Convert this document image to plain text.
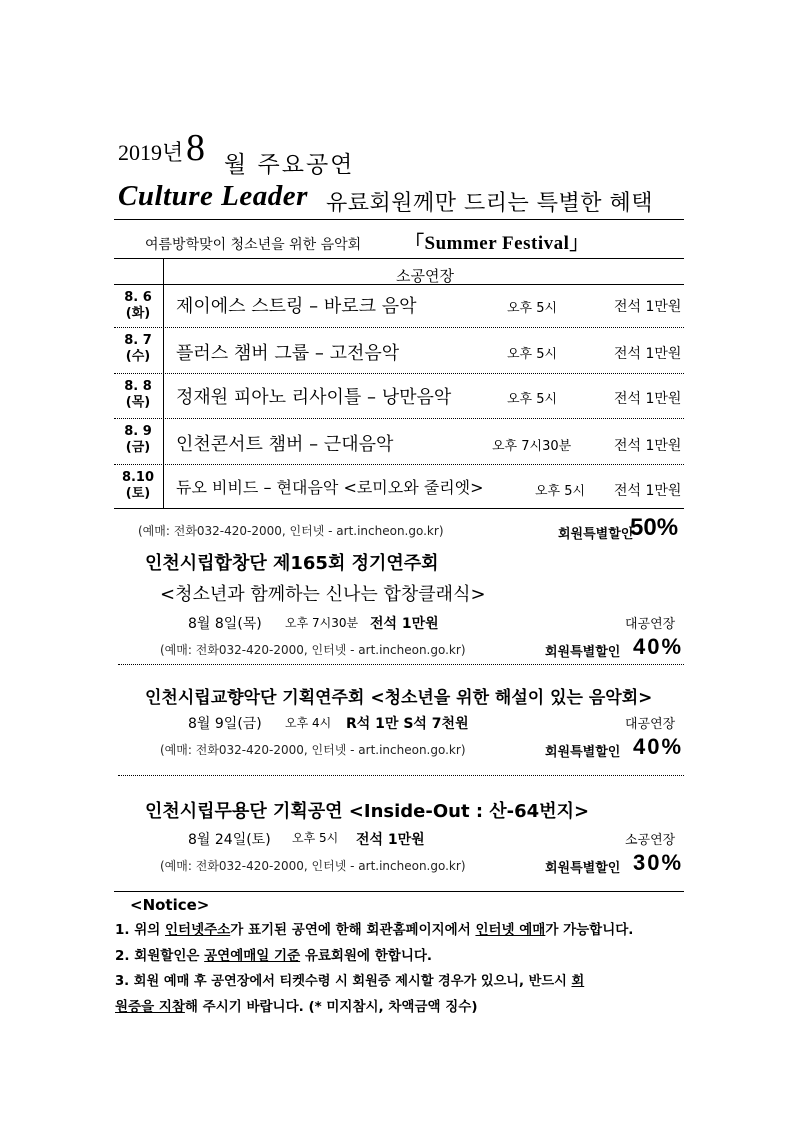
2019년 8 월 주요공연
Culture Leader 유료회원께만 드리는 특별한 혜택
여름방학맞이 청소년을 위한 음악회 「Summer Festival」
소공연장
8. 6
(화)	제이에스 스트링 – 바로크 음악	오후 5시	전석 1만원
8. 7
(수)	플러스 챔버 그룹 – 고전음악	오후 5시	전석 1만원
8. 8
(목)	정재원 피아노 리사이틀 – 낭만음악	오후 5시	전석 1만원
8. 9
(금)	인천콘서트 챔버 – 근대음악	오후 7시30분	전석 1만원
8.10
(토)	듀오 비비드 – 현대음악 <로미오와 줄리엣>	오후 5시 전석 1만원
(예매: 전화032-420-2000, 인터넷 - art.incheon.go.kr)	회원특별할인
50%
인천시립합창단 제165회 정기연주회
<청소년과 함께하는 신나는 합창클래식>
8월 8일(목) 오후 7시30분 전석 1만원	대공연장
(예매: 전화032-420-2000, 인터넷 - art.incheon.go.kr)	회원특별할인 40%
인천시립교향악단 기획연주회 <청소년을 위한 해설이 있는 음악회>
8월 9일(금) 오후 4시 R석 1만 S석 7천원	대공연장
(예매: 전화032-420-2000, 인터넷 - art.incheon.go.kr)	회원특별할인 40%
인천시립무용단 기획공연 <Inside-Out : 산-64번지>
8월 24일(토) 오후 5시 전석 1만원	소공연장
(예매: 전화032-420-2000, 인터넷 - art.incheon.go.kr)	회원특별할인 30%
<Notice>
1. 위의 인터넷주소가 표기된 공연에 한해 회관홈페이지에서 인터넷 예매가 가능합니다.
2. 회원할인은 공연예매일 기준 유료회원에 한합니다.
3. 회원 예매 후 공연장에서 티켓수령 시 회원증 제시할 경우가 있으니, 반드시 회
원증을 지참해 주시기 바랍니다. (* 미지참시, 차액금액 징수)
